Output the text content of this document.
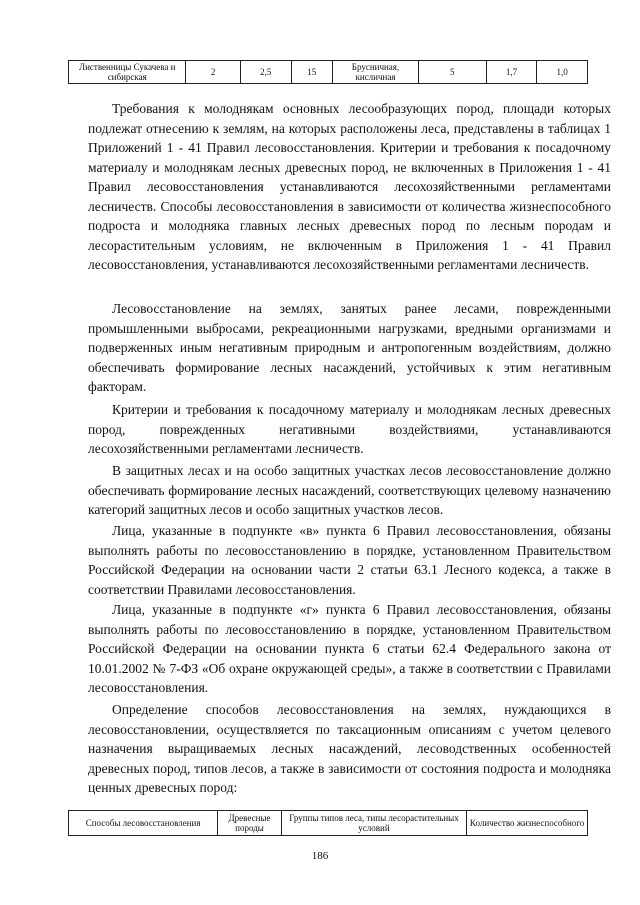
Лиственницы Сукачева и сибирская	2	2,5	15	Брусничная, кисличная	5	1,7	1,0

Требования к молоднякам основных лесообразующих пород, площади которых подлежат отнесению к землям, на которых расположены леса, представлены в таблицах 1 Приложений 1 - 41 Правил лесовосстановления. Критерии и требования к посадочному материалу и молоднякам лесных древесных пород, не включенных в Приложения 1 - 41 Правил лесовосстановления устанавливаются лесохозяйственными регламентами лесничеств. Способы лесовосстановления в зависимости от количества жизнеспособного подроста и молодняка главных лесных древесных пород по лесным породам и лесорастительным условиям, не включенным в Приложения 1 - 41 Правил лесовосстановления, устанавливаются лесохозяйственными регламентами лесничеств.

Лесовосстановление на землях, занятых ранее лесами, поврежденными промышленными выбросами, рекреационными нагрузками, вредными организмами и подверженных иным негативным природным и антропогенным воздействиям, должно обеспечивать формирование лесных насаждений, устойчивых к этим негативным факторам.

Критерии и требования к посадочному материалу и молоднякам лесных древесных пород, поврежденных негативными воздействиями, устанавливаются лесохозяйственными регламентами лесничеств.

В защитных лесах и на особо защитных участках лесов лесовосстановление должно обеспечивать формирование лесных насаждений, соответствующих целевому назначению категорий защитных лесов и особо защитных участков лесов.

Лица, указанные в подпункте «в» пункта 6 Правил лесовосстановления, обязаны выполнять работы по лесовосстановлению в порядке, установленном Правительством Российской Федерации на основании части 2 статьи 63.1 Лесного кодекса, а также в соответствии Правилами лесовосстановления.

Лица, указанные в подпункте «г» пункта 6 Правил лесовосстановления, обязаны выполнять работы по лесовосстановлению в порядке, установленном Правительством Российской Федерации на основании пункта 6 статьи 62.4 Федерального закона от 10.01.2002 № 7-ФЗ «Об охране окружающей среды», а также в соответствии с Правилами лесовосстановления.

Определение способов лесовосстановления на землях, нуждающихся в лесовосстановлении, осуществляется по таксационным описаниям с учетом целевого назначения выращиваемых лесных насаждений, лесоводственных особенностей древесных пород, типов лесов, а также в зависимости от состояния подроста и молодняка ценных древесных пород:

Способы лесовосстановления	Древесные породы	Группы типов леса, типы лесорастительных условий	Количество жизнеспособного
186
